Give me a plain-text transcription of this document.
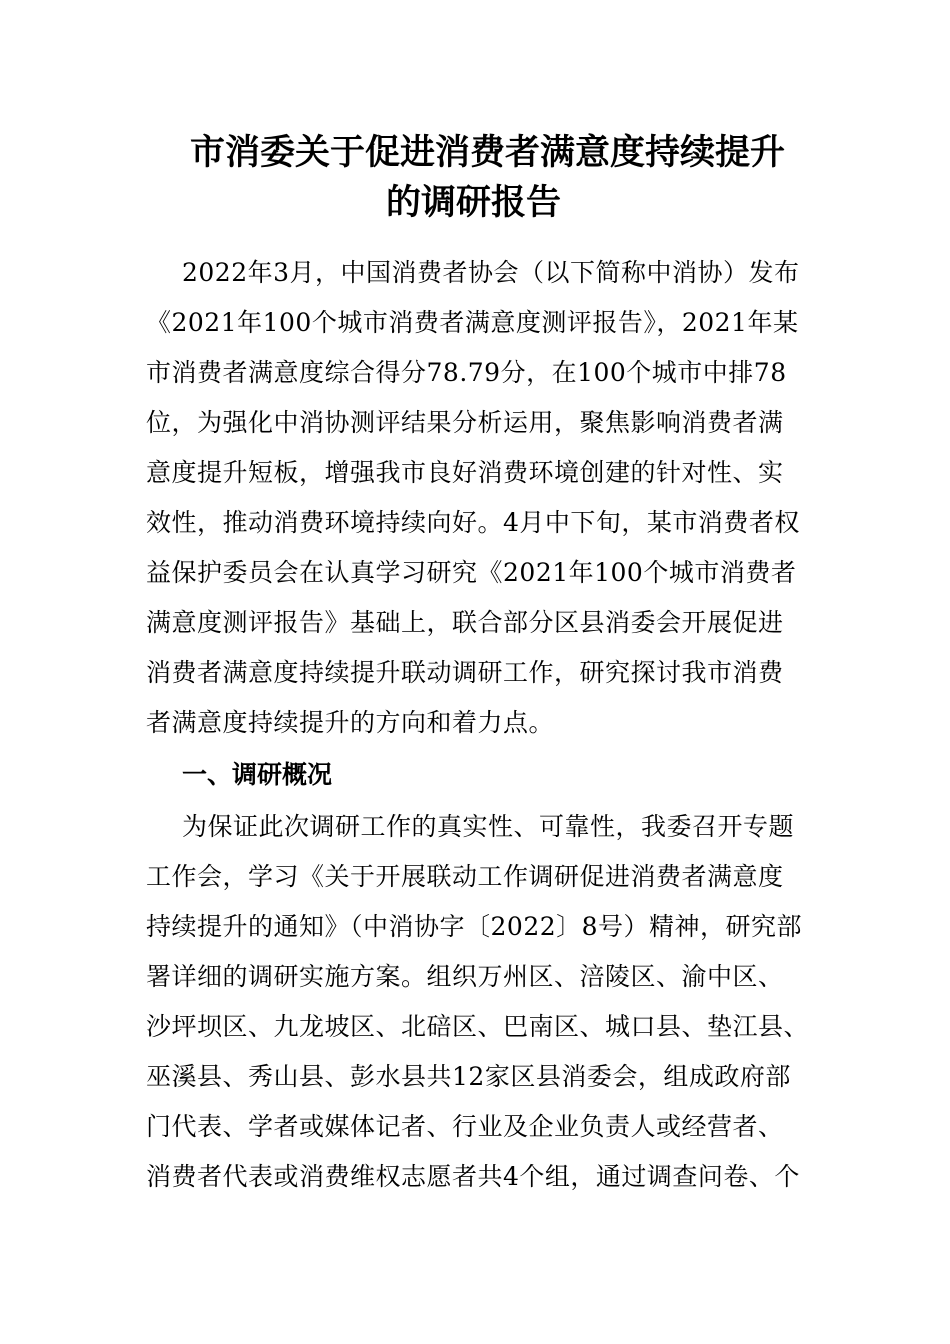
市消委关于促进消费者满意度持续提升
的调研报告
2022年3月，中国消费者协会（以下简称中消协）发布
《2021年100个城市消费者满意度测评报告》，2021年某
市消费者满意度综合得分78.79分，在100个城市中排78
位，为强化中消协测评结果分析运用，聚焦影响消费者满
意度提升短板，增强我市良好消费环境创建的针对性、实
效性，推动消费环境持续向好。4月中下旬，某市消费者权
益保护委员会在认真学习研究《2021年100个城市消费者
满意度测评报告》基础上，联合部分区县消委会开展促进
消费者满意度持续提升联动调研工作，研究探讨我市消费
者满意度持续提升的方向和着力点。
一、调研概况
为保证此次调研工作的真实性、可靠性，我委召开专题
工作会，学习《关于开展联动工作调研促进消费者满意度
持续提升的通知》（中消协字〔2022〕8号）精神，研究部
署详细的调研实施方案。组织万州区、涪陵区、渝中区、
沙坪坝区、九龙坡区、北碚区、巴南区、城口县、垫江县、
巫溪县、秀山县、彭水县共12家区县消委会，组成政府部
门代表、学者或媒体记者、行业及企业负责人或经营者、
消费者代表或消费维权志愿者共4个组，通过调查问卷、个
